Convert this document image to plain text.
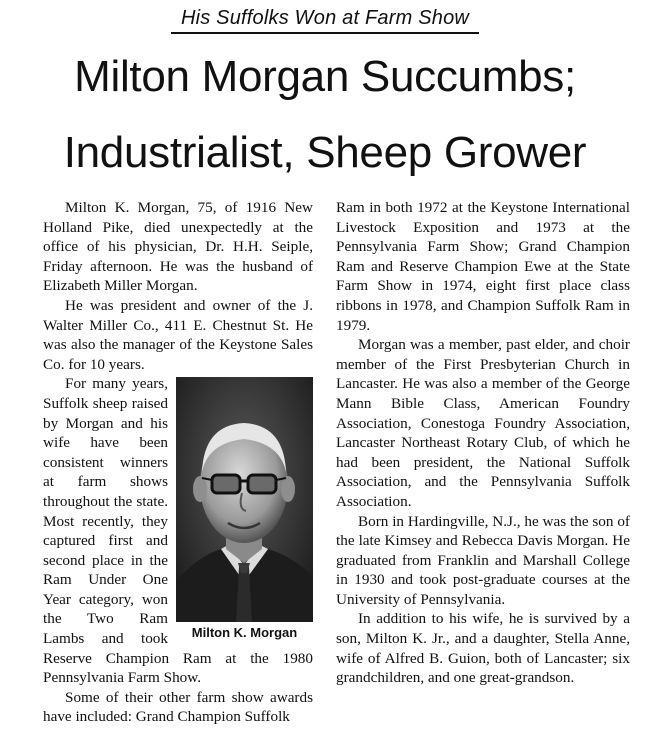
His Suffolks Won at Farm Show
Milton Morgan Succumbs;
Industrialist, Sheep Grower

Milton K. Morgan, 75, of 1916 New Holland Pike, died unexpectedly at the office of his physician, Dr. H.H. Seiple, Friday afternoon. He was the husband of Elizabeth Miller Morgan.

He was president and owner of the J. Walter Miller Co., 411 E. Chestnut St. He was also the manager of the Keystone Sales Co. for 10 years.

Milton K. Morgan

For many years, Suffolk sheep raised by Morgan and his wife have been consistent winners at farm shows throughout the state. Most recently, they captured first and second place in the Ram Under One Year category, won the Two Ram Lambs and took Reserve Champion Ram at the 1980 Pennsylvania Farm Show.

Some of their other farm show awards have included: Grand Champion Suffolk

Ram in both 1972 at the Keystone International Livestock Exposition and 1973 at the Pennsylvania Farm Show; Grand Champion Ram and Reserve Champion Ewe at the State Farm Show in 1974, eight first place class ribbons in 1978, and Champion Suffolk Ram in 1979.

Morgan was a member, past elder, and choir member of the First Presbyterian Church in Lancaster. He was also a member of the George Mann Bible Class, American Foundry Association, Conestoga Foundry Association, Lancaster Northeast Rotary Club, of which he had been president, the National Suffolk Association, and the Pennsylvania Suffolk Association.

Born in Hardingville, N.J., he was the son of the late Kimsey and Rebecca Davis Morgan. He graduated from Franklin and Marshall College in 1930 and took post-graduate courses at the University of Pennsylvania.

In addition to his wife, he is survived by a son, Milton K. Jr., and a daughter, Stella Anne, wife of Alfred B. Guion, both of Lancaster; six grandchildren, and one great-grandson.
